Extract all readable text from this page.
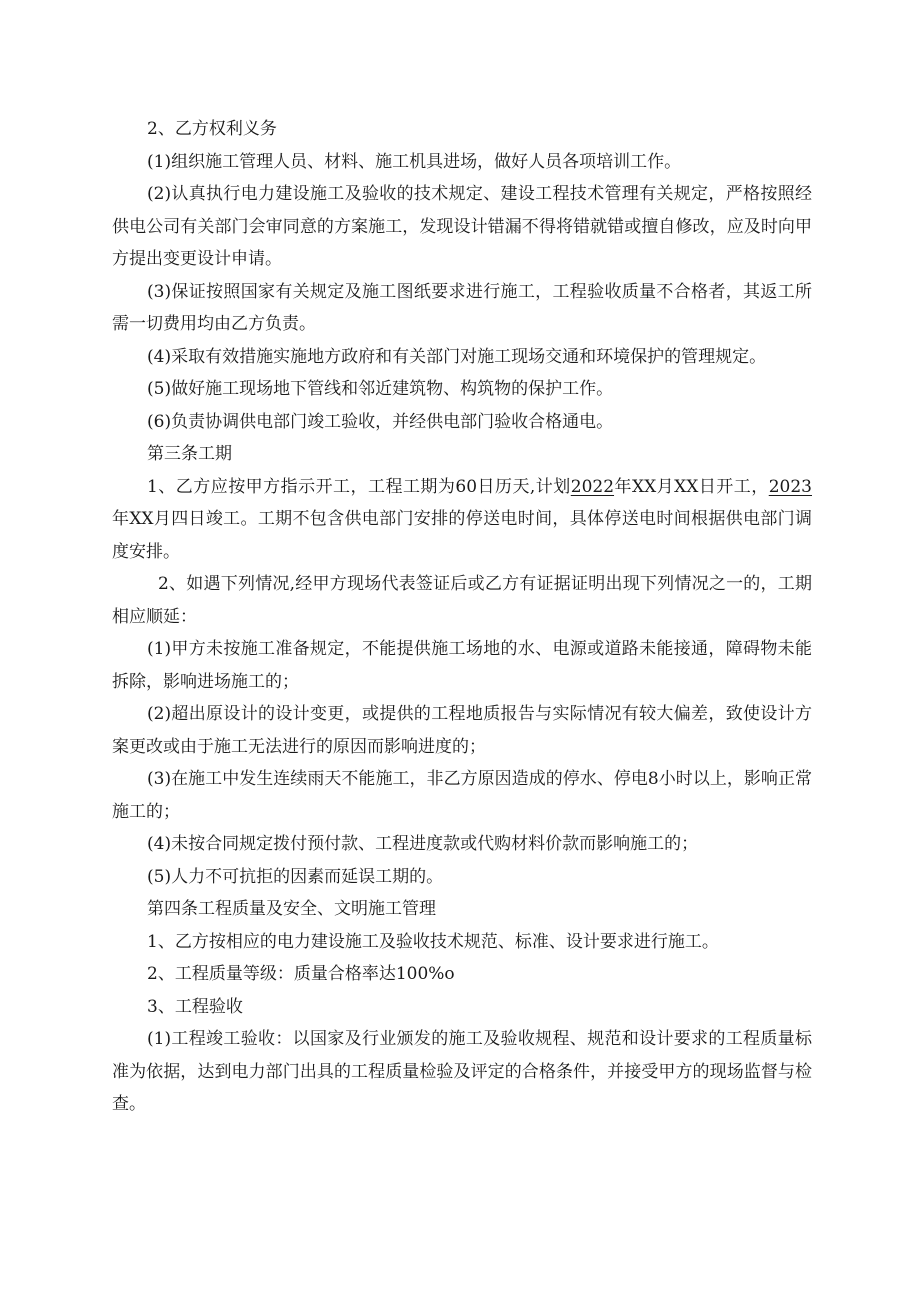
2、乙方权利义务

(1)组织施工管理人员、材料、施工机具进场，做好人员各项培训工作。

(2)认真执行电力建设施工及验收的技术规定、建设工程技术管理有关规定，严格按照经供电公司有关部门会审同意的方案施工，发现设计错漏不得将错就错或擅自修改，应及时向甲方提出变更设计申请。

(3)保证按照国家有关规定及施工图纸要求进行施工，工程验收质量不合格者，其返工所需一切费用均由乙方负责。

(4)采取有效措施实施地方政府和有关部门对施工现场交通和环境保护的管理规定。

(5)做好施工现场地下管线和邻近建筑物、构筑物的保护工作。

(6)负责协调供电部门竣工验收，并经供电部门验收合格通电。

第三条工期

1、乙方应按甲方指示开工，工程工期为60日历天,计划2022年XX月XX日开工，2023年XX月四日竣工。工期不包含供电部门安排的停送电时间，具体停送电时间根据供电部门调度安排。

2、如遇下列情况,经甲方现场代表签证后或乙方有证据证明出现下列情况之一的，工期相应顺延：

(1)甲方未按施工准备规定，不能提供施工场地的水、电源或道路未能接通，障碍物未能拆除，影响进场施工的；

(2)超出原设计的设计变更，或提供的工程地质报告与实际情况有较大偏差，致使设计方案更改或由于施工无法进行的原因而影响进度的；

(3)在施工中发生连续雨天不能施工，非乙方原因造成的停水、停电8小时以上，影响正常施工的；

(4)未按合同规定拨付预付款、工程进度款或代购材料价款而影响施工的；

(5)人力不可抗拒的因素而延误工期的。

第四条工程质量及安全、文明施工管理

1、乙方按相应的电力建设施工及验收技术规范、标准、设计要求进行施工。

2、工程质量等级：质量合格率达100%o

3、工程验收

(1)工程竣工验收：以国家及行业颁发的施工及验收规程、规范和设计要求的工程质量标准为依据，达到电力部门出具的工程质量检验及评定的合格条件，并接受甲方的现场监督与检查。
